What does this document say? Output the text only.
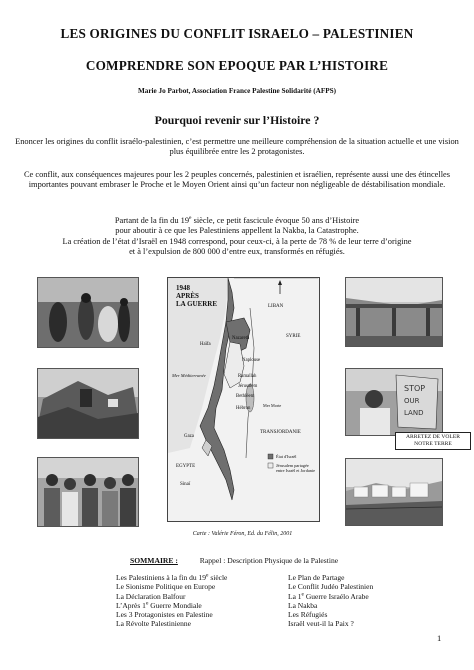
LES ORIGINES DU CONFLIT ISRAELO – PALESTINIEN
COMPRENDRE SON EPOQUE PAR L’HISTOIRE
Marie Jo Parbot, Association France Palestine Solidarité (AFPS)
Pourquoi revenir sur l’Histoire ?
Enoncer les origines du conflit israélo-palestinien, c’est permettre une meilleure compréhension de la situation actuelle et une vision plus équilibrée entre les 2 protagonistes.
Ce conflit, aux conséquences majeures pour les 2 peuples concernés, palestinien et israélien, représente aussi une des étincelles importantes pouvant embraser le Proche et le Moyen Orient ainsi qu’un facteur non négligeable de déstabilisation mondiale.
Partant de la fin du 19e siècle, ce petit fascicule évoque 50 ans d’Histoire
pour aboutir à ce que les Palestiniens appellent la Nakba, la Catastrophe.
La création de l’état d’Israël en 1948 correspond, pour ceux-ci, à la perte de 78 % de leur terre d’origine
et à l’expulsion de 800 000 d’entre eux, transformés en réfugiés.
1948
APRÈS
LA GUERRE	LIBAN
SYRIE
Haïfa
Nazareth
Naplouse
Ramallah
Jérusalem
Bethléem
Hébron
Gaza
Mer Morte
TRANSJORDANIE
EGYPTE
Sinaï
Mer Méditerranée
État d'Israël
Jérusalem partagée entre Israël et Jordanie
Carte : Valérie Féron, Ed. du Félin, 2001
STOP
OUR
LAND
ARRETEZ DE VOLER
NOTRE TERRE
SOMMAIRE :	Rappel : Description Physique de la Palestine
Les Palestiniens à la fin du 19e siècle
Le Sionisme Politique en Europe
La Déclaration Balfour
L’Après 1e Guerre Mondiale
Les 3 Protagonistes en Palestine
La Révolte Palestinienne
Le Plan de Partage
Le Conflit Judéo Palestinien
La 1e Guerre Israélo Arabe
La Nakba
Les Réfugiés
Israël veut-il la Paix ?
1
